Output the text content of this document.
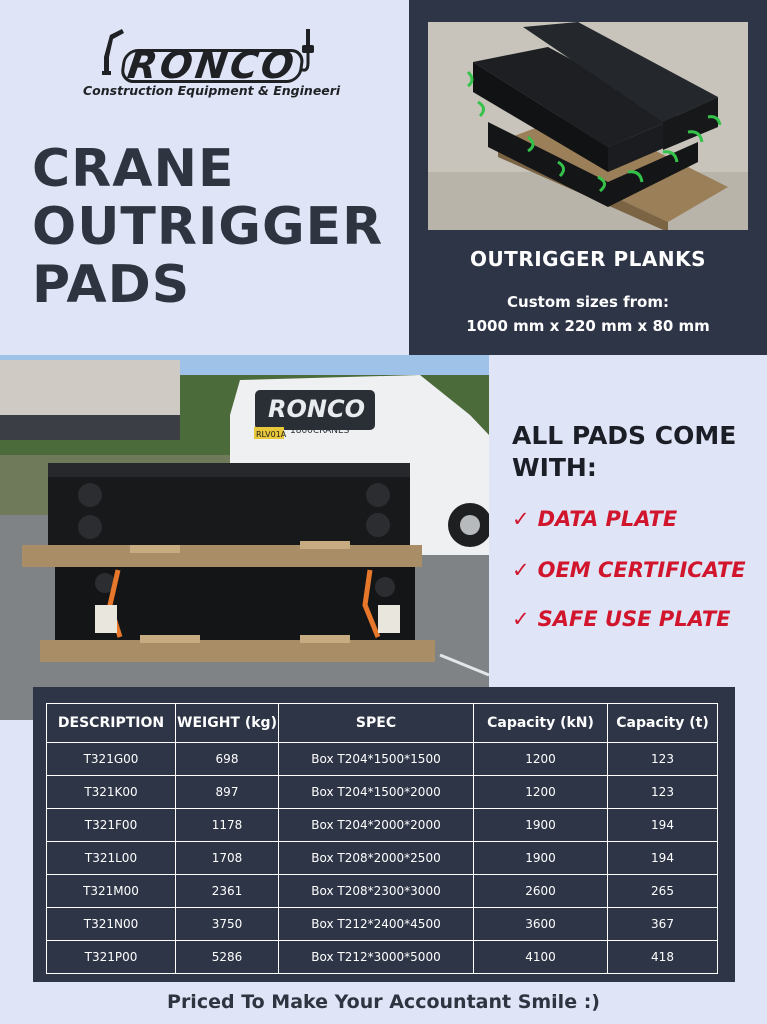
RONCO
Construction Equipment & Engineeri
CRANE
OUTRIGGER
PADS	OUTRIGGER PLANKS
Custom sizes from:
1000 mm x 220 mm x 80 mm
RONCO
1800CRANES
RLV01A	ALL PADS COME
WITH:
✓ DATA PLATE
✓ OEM CERTIFICATE
✓ SAFE USE PLATE
DESCRIPTION	WEIGHT (kg)	SPEC	Capacity (kN)	Capacity (t)
T321G00	698	Box T204*1500*1500	1200	123
T321K00	897	Box T204*1500*2000	1200	123
T321F00	1178	Box T204*2000*2000	1900	194
T321L00	1708	Box T208*2000*2500	1900	194
T321M00	2361	Box T208*2300*3000	2600	265
T321N00	3750	Box T212*2400*4500	3600	367
T321P00	5286	Box T212*3000*5000	4100	418
Priced To Make Your Accountant Smile :)
